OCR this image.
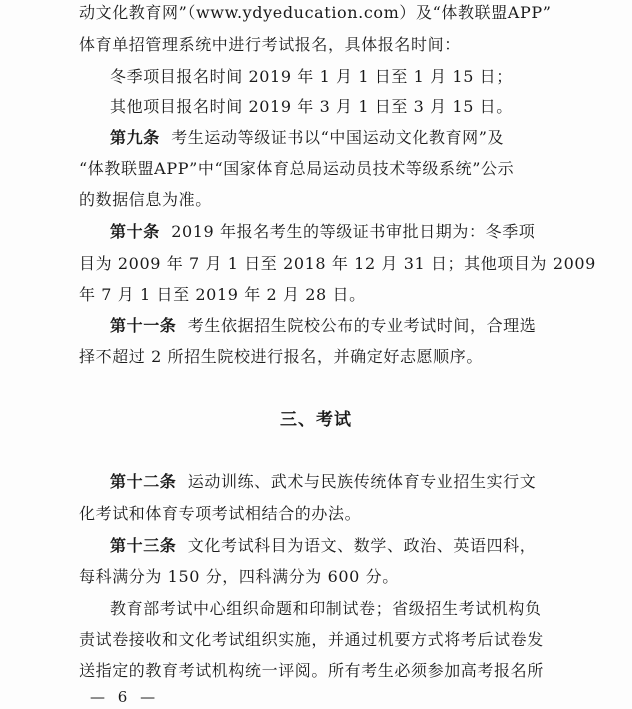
动文化教育网”（www.ydyeducation.com）及“体教联盟APP”
体育单招管理系统中进行考试报名，具体报名时间：
冬季项目报名时间 2019 年 1 月 1 日至 1 月 15 日；
其他项目报名时间 2019 年 3 月 1 日至 3 月 15 日。
第九条 考生运动等级证书以“中国运动文化教育网”及
“体教联盟APP”中“国家体育总局运动员技术等级系统”公示
的数据信息为准。
第十条 2019 年报名考生的等级证书审批日期为：冬季项
目为 2009 年 7 月 1 日至 2018 年 12 月 31 日；其他项目为 2009
年 7 月 1 日至 2019 年 2 月 28 日。
第十一条 考生依据招生院校公布的专业考试时间，合理选
择不超过 2 所招生院校进行报名，并确定好志愿顺序。
三、考试
第十二条 运动训练、武术与民族传统体育专业招生实行文
化考试和体育专项考试相结合的办法。
第十三条 文化考试科目为语文、数学、政治、英语四科，
每科满分为 150 分，四科满分为 600 分。
教育部考试中心组织命题和印制试卷；省级招生考试机构负
责试卷接收和文化考试组织实施，并通过机要方式将考后试卷发
送指定的教育考试机构统一评阅。所有考生必须参加高考报名所
— 6 —
